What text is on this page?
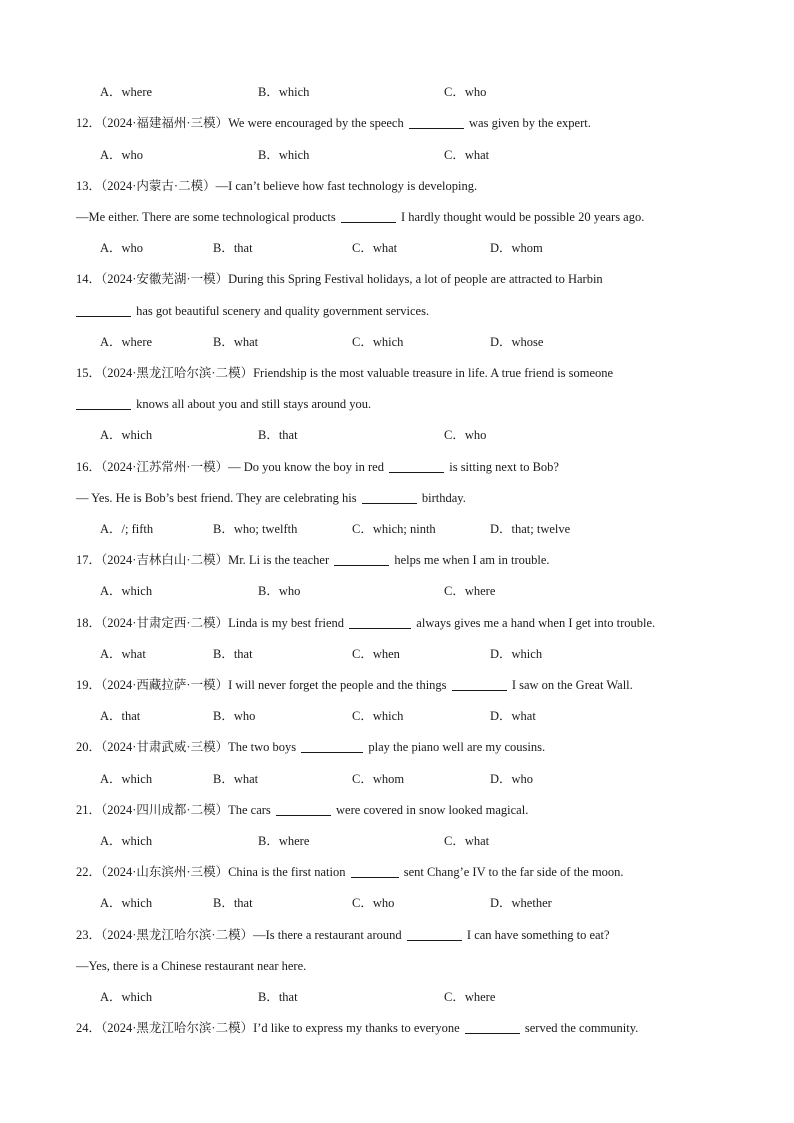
A．where	B．which	C．who
12．（2024·福建福州·三模）We were encouraged by the speech	was given by the expert.
A．who	B．which	C．what
13．（2024·内蒙古·二模）—I can’t believe how fast technology is developing.
—Me either. There are some technological products	I hardly thought would be possible 20 years ago.
A．who	B．that	C．what	D．whom
14．（2024·安徽芜湖·一模）During this Spring Festival holidays, a lot of people are attracted to Harbin
has got beautiful scenery and quality government services.
A．where	B．what	C．which	D．whose
15．（2024·黑龙江哈尔滨·二模）Friendship is the most valuable treasure in life. A true friend is someone
knows all about you and still stays around you.
A．which	B．that	C．who
16．（2024·江苏常州·一模）— Do you know the boy in red	is sitting next to Bob?
— Yes. He is Bob’s best friend. They are celebrating his	birthday.
A．/; fifth	B．who; twelfth	C．which; ninth	D．that; twelve
17．（2024·吉林白山·二模）Mr. Li is the teacher	helps me when I am in trouble.
A．which	B．who	C．where
18．（2024·甘肃定西·二模）Linda is my best friend	always gives me a hand when I get into trouble.
A．what	B．that	C．when	D．which
19．（2024·西藏拉萨·一模）I will never forget the people and the things	I saw on the Great Wall.
A．that	B．who	C．which	D．what
20．（2024·甘肃武威·三模）The two boys	play the piano well are my cousins.
A．which	B．what	C．whom	D．who
21．（2024·四川成都·二模）The cars	were covered in snow looked magical.
A．which	B．where	C．what
22．（2024·山东滨州·三模）China is the first nation	sent Chang’e IV to the far side of the moon.
A．which	B．that	C．who	D．whether
23．（2024·黑龙江哈尔滨·二模）—Is there a restaurant around	I can have something to eat?
—Yes, there is a Chinese restaurant near here.
A．which	B．that	C．where
24．（2024·黑龙江哈尔滨·二模）I’d like to express my thanks to everyone	served the community.
